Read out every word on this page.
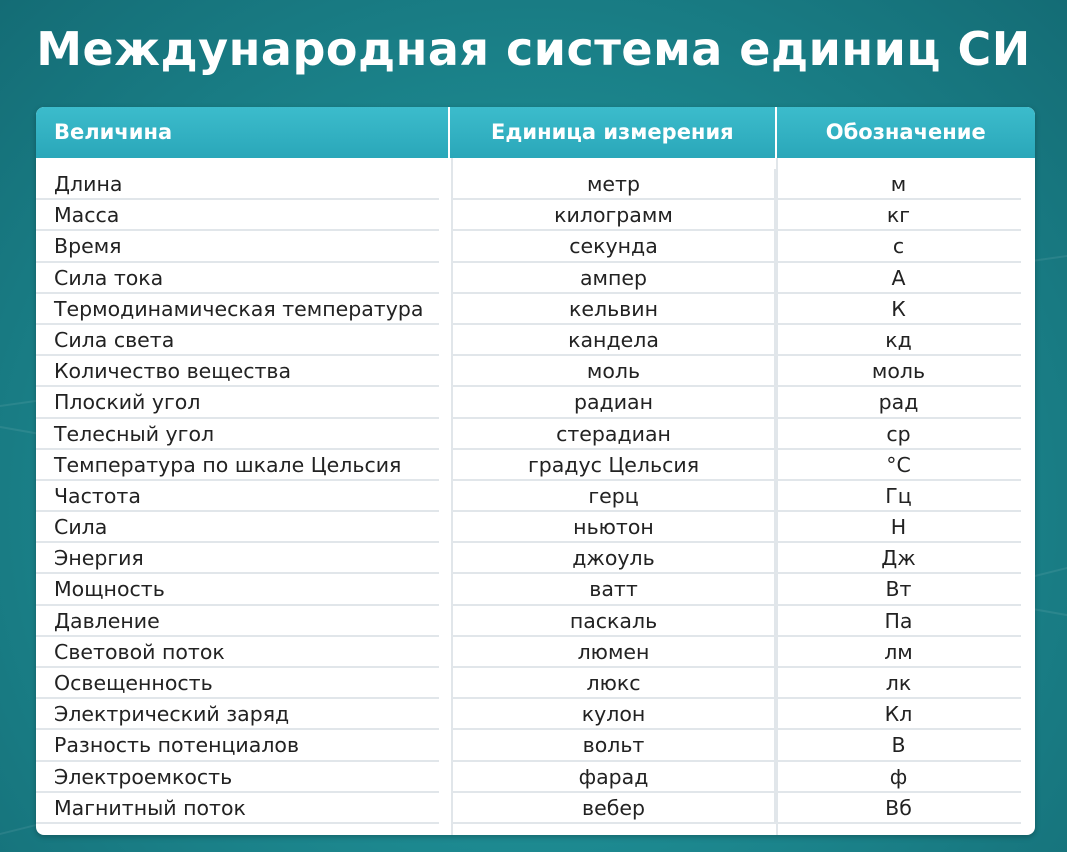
Международная система единиц СИ
Величина	Единица измерения	Обозначение
Длина	метр	м
Масса	килограмм	кг
Время	секунда	с
Сила тока	ампер	А
Термодинамическая температура	кельвин	К
Сила света	кандела	кд
Количество вещества	моль	моль
Плоский угол	радиан	рад
Телесный угол	стерадиан	ср
Температура по шкале Цельсия	градус Цельсия	°С
Частота	герц	Гц
Сила	ньютон	Н
Энергия	джоуль	Дж
Мощность	ватт	Вт
Давление	паскаль	Па
Световой поток	люмен	лм
Освещенность	люкс	лк
Электрический заряд	кулон	Кл
Разность потенциалов	вольт	В
Электроемкость	фарад	ф
Магнитный поток	вебер	Вб
